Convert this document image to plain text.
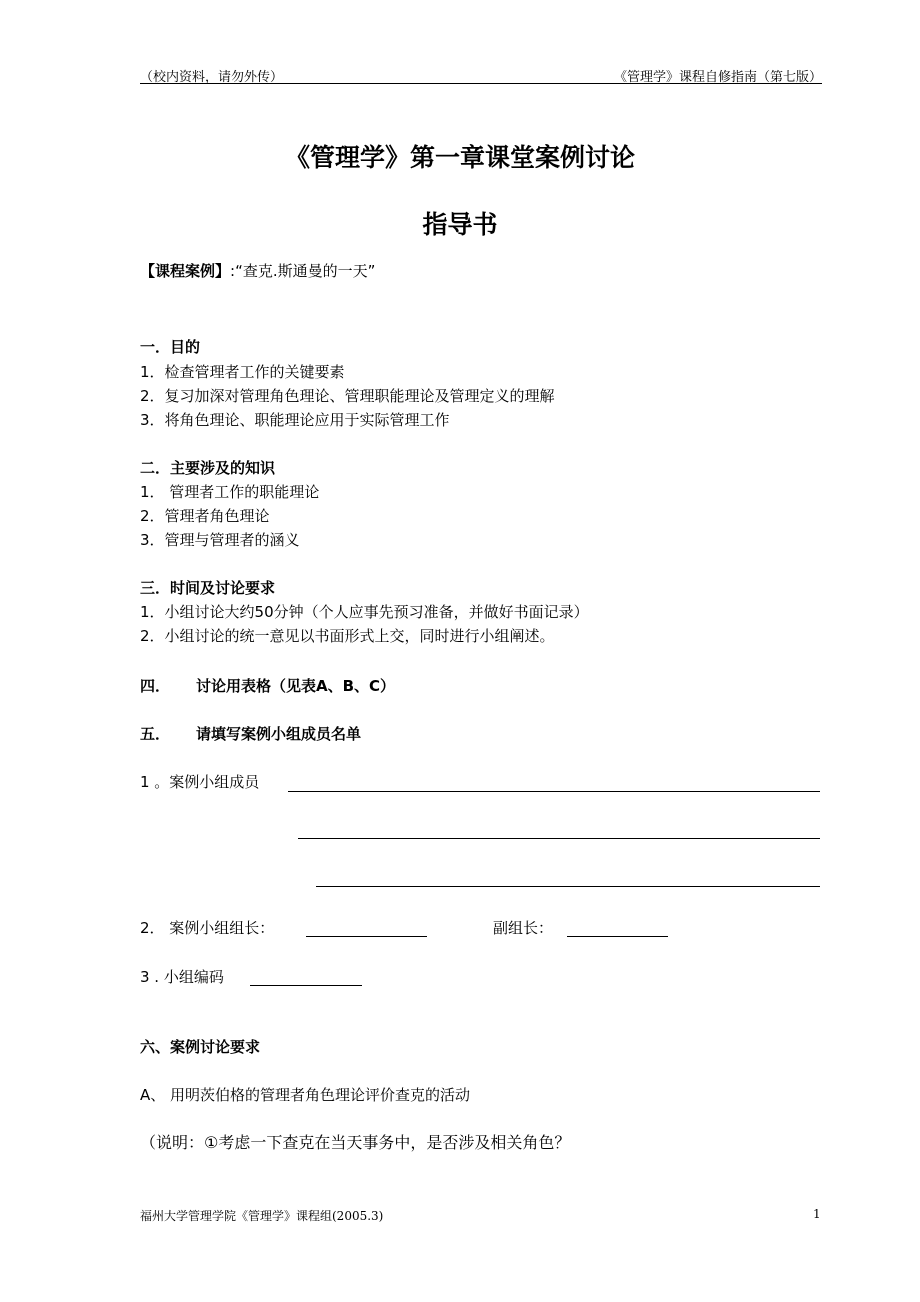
（校内资料，请勿外传）	《管理学》课程自修指南（第七版）
《管理学》第一章课堂案例讨论
指导书
【课程案例】:“查克.斯通曼的一天”
一．目的
1．检查管理者工作的关键要素
2．复习加深对管理角色理论、管理职能理论及管理定义的理解
3．将角色理论、职能理论应用于实际管理工作
二．主要涉及的知识
1． 管理者工作的职能理论
2．管理者角色理论
3．管理与管理者的涵义
三．时间及讨论要求
1．小组讨论大约50分钟（个人应事先预习准备，并做好书面记录）
2．小组讨论的统一意见以书面形式上交，同时进行小组阐述。
四． 讨论用表格（见表A、B、C）
五． 请填写案例小组成员名单
1 。案例小组成员
2． 案例小组组长：	副组长：
3 . 小组编码
六、案例讨论要求
A、 用明茨伯格的管理者角色理论评价查克的活动
（说明：①考虑一下查克在当天事务中，是否涉及相关角色？
福州大学管理学院《管理学》课程组(2005.3)	1
